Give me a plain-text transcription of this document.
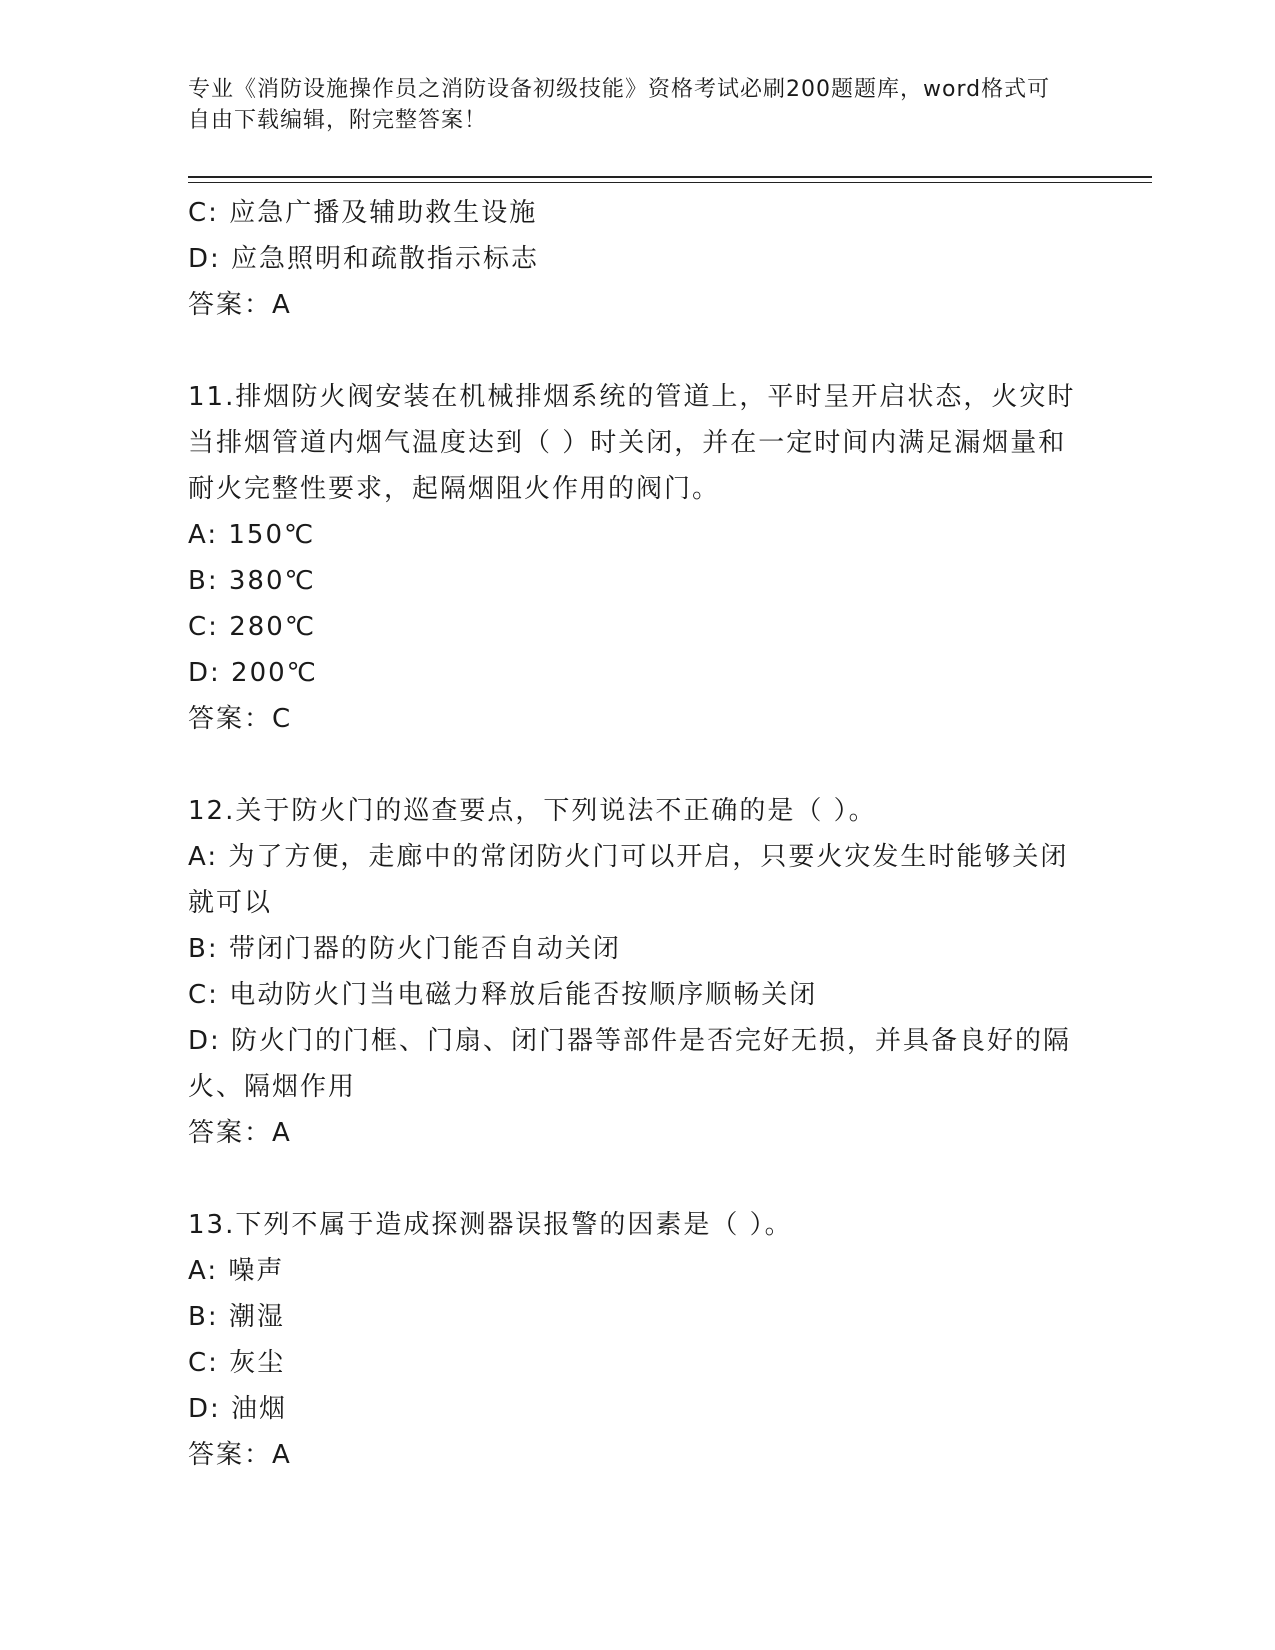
专业《消防设施操作员之消防设备初级技能》资格考试必刷200题题库，word格式可自由下载编辑，附完整答案！
C: 应急广播及辅助救生设施
D: 应急照明和疏散指示标志
答案：A
11.排烟防火阀安装在机械排烟系统的管道上，平时呈开启状态，火灾时当排烟管道内烟气温度达到（ ）时关闭，并在一定时间内满足漏烟量和耐火完整性要求，起隔烟阻火作用的阀门。
A: 150℃
B: 380℃
C: 280℃
D: 200℃
答案：C
12.关于防火门的巡查要点，下列说法不正确的是（ ）。
A: 为了方便，走廊中的常闭防火门可以开启，只要火灾发生时能够关闭就可以
B: 带闭门器的防火门能否自动关闭
C: 电动防火门当电磁力释放后能否按顺序顺畅关闭
D: 防火门的门框、门扇、闭门器等部件是否完好无损，并具备良好的隔火、隔烟作用
答案：A
13.下列不属于造成探测器误报警的因素是（ ）。
A: 噪声
B: 潮湿
C: 灰尘
D: 油烟
答案：A
